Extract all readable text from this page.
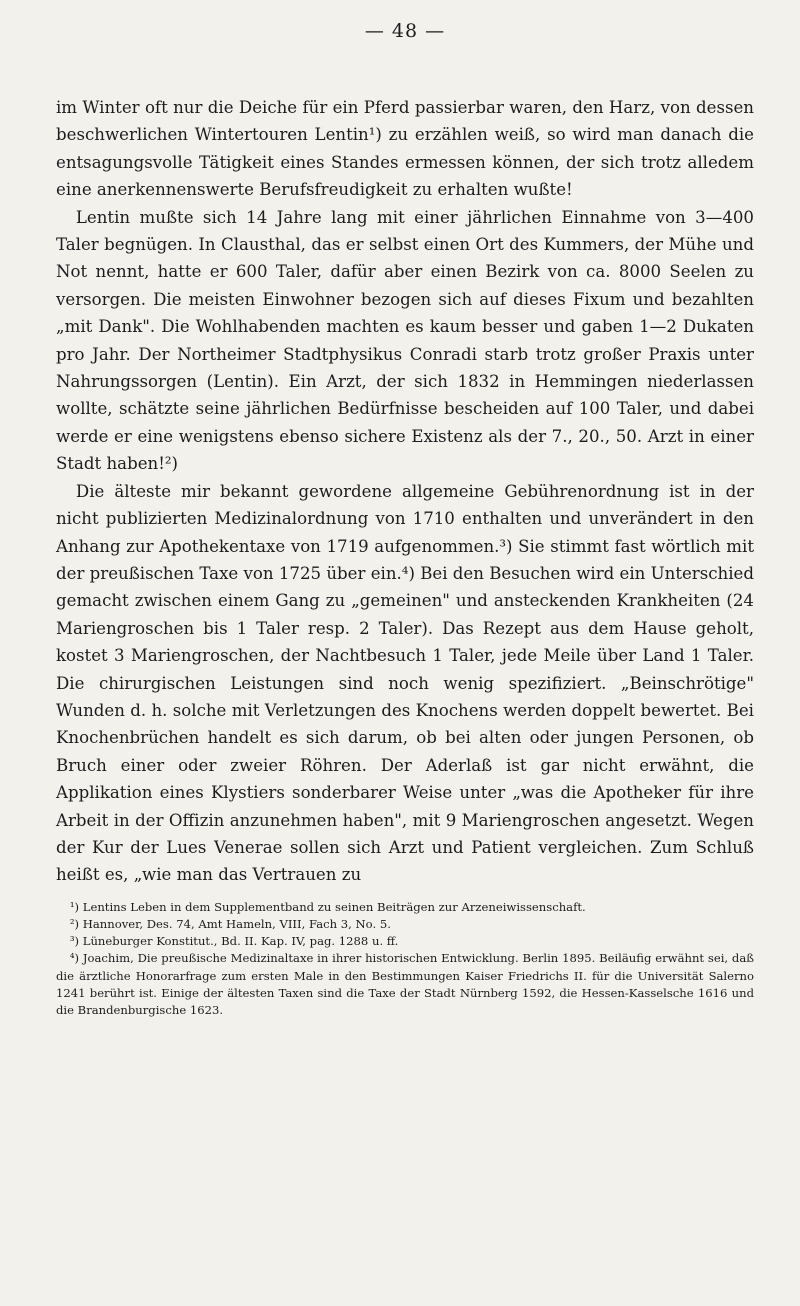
— 48 —

im Winter oft nur die Deiche für ein Pferd passierbar waren, den Harz, von dessen beschwerlichen Wintertouren Lentin¹) zu erzählen weiß, so wird man danach die entsagungsvolle Tätigkeit eines Standes ermessen können, der sich trotz alledem eine anerkennenswerte Berufsfreudigkeit zu erhalten wußte!

Lentin mußte sich 14 Jahre lang mit einer jährlichen Einnahme von 3—400 Taler begnügen. In Clausthal, das er selbst einen Ort des Kummers, der Mühe und Not nennt, hatte er 600 Taler, dafür aber einen Bezirk von ca. 8000 Seelen zu versorgen. Die meisten Einwohner bezogen sich auf dieses Fixum und bezahlten „mit Dank". Die Wohlhabenden machten es kaum besser und gaben 1—2 Dukaten pro Jahr. Der Northeimer Stadtphysikus Conradi starb trotz großer Praxis unter Nahrungssorgen (Lentin). Ein Arzt, der sich 1832 in Hemmingen niederlassen wollte, schätzte seine jährlichen Bedürfnisse bescheiden auf 100 Taler, und dabei werde er eine wenigstens ebenso sichere Existenz als der 7., 20., 50. Arzt in einer Stadt haben!²)

Die älteste mir bekannt gewordene allgemeine Gebührenordnung ist in der nicht publizierten Medizinalordnung von 1710 enthalten und unverändert in den Anhang zur Apothekentaxe von 1719 aufgenommen.³) Sie stimmt fast wörtlich mit der preußischen Taxe von 1725 über ein.⁴) Bei den Besuchen wird ein Unterschied gemacht zwischen einem Gang zu „gemeinen" und ansteckenden Krankheiten (24 Mariengroschen bis 1 Taler resp. 2 Taler). Das Rezept aus dem Hause geholt, kostet 3 Mariengroschen, der Nachtbesuch 1 Taler, jede Meile über Land 1 Taler. Die chirurgischen Leistungen sind noch wenig spezifiziert. „Beinschrötige" Wunden d. h. solche mit Verletzungen des Knochens werden doppelt bewertet. Bei Knochenbrüchen handelt es sich darum, ob bei alten oder jungen Personen, ob Bruch einer oder zweier Röhren. Der Aderlaß ist gar nicht erwähnt, die Applikation eines Klystiers sonderbarer Weise unter „was die Apotheker für ihre Arbeit in der Offizin anzunehmen haben", mit 9 Mariengroschen angesetzt. Wegen der Kur der Lues Venerae sollen sich Arzt und Patient vergleichen. Zum Schluß heißt es, „wie man das Vertrauen zu

¹) Lentins Leben in dem Supplementband zu seinen Beiträgen zur Arzeneiwissenschaft.

²) Hannover, Des. 74, Amt Hameln, VIII, Fach 3, No. 5.

³) Lüneburger Konstitut., Bd. II. Kap. IV, pag. 1288 u. ff.

⁴) Joachim, Die preußische Medizinaltaxe in ihrer historischen Entwicklung. Berlin 1895. Beiläufig erwähnt sei, daß die ärztliche Honorarfrage zum ersten Male in den Bestimmungen Kaiser Friedrichs II. für die Universität Salerno 1241 berührt ist. Einige der ältesten Taxen sind die Taxe der Stadt Nürnberg 1592, die Hessen-Kasselsche 1616 und die Brandenburgische 1623.
